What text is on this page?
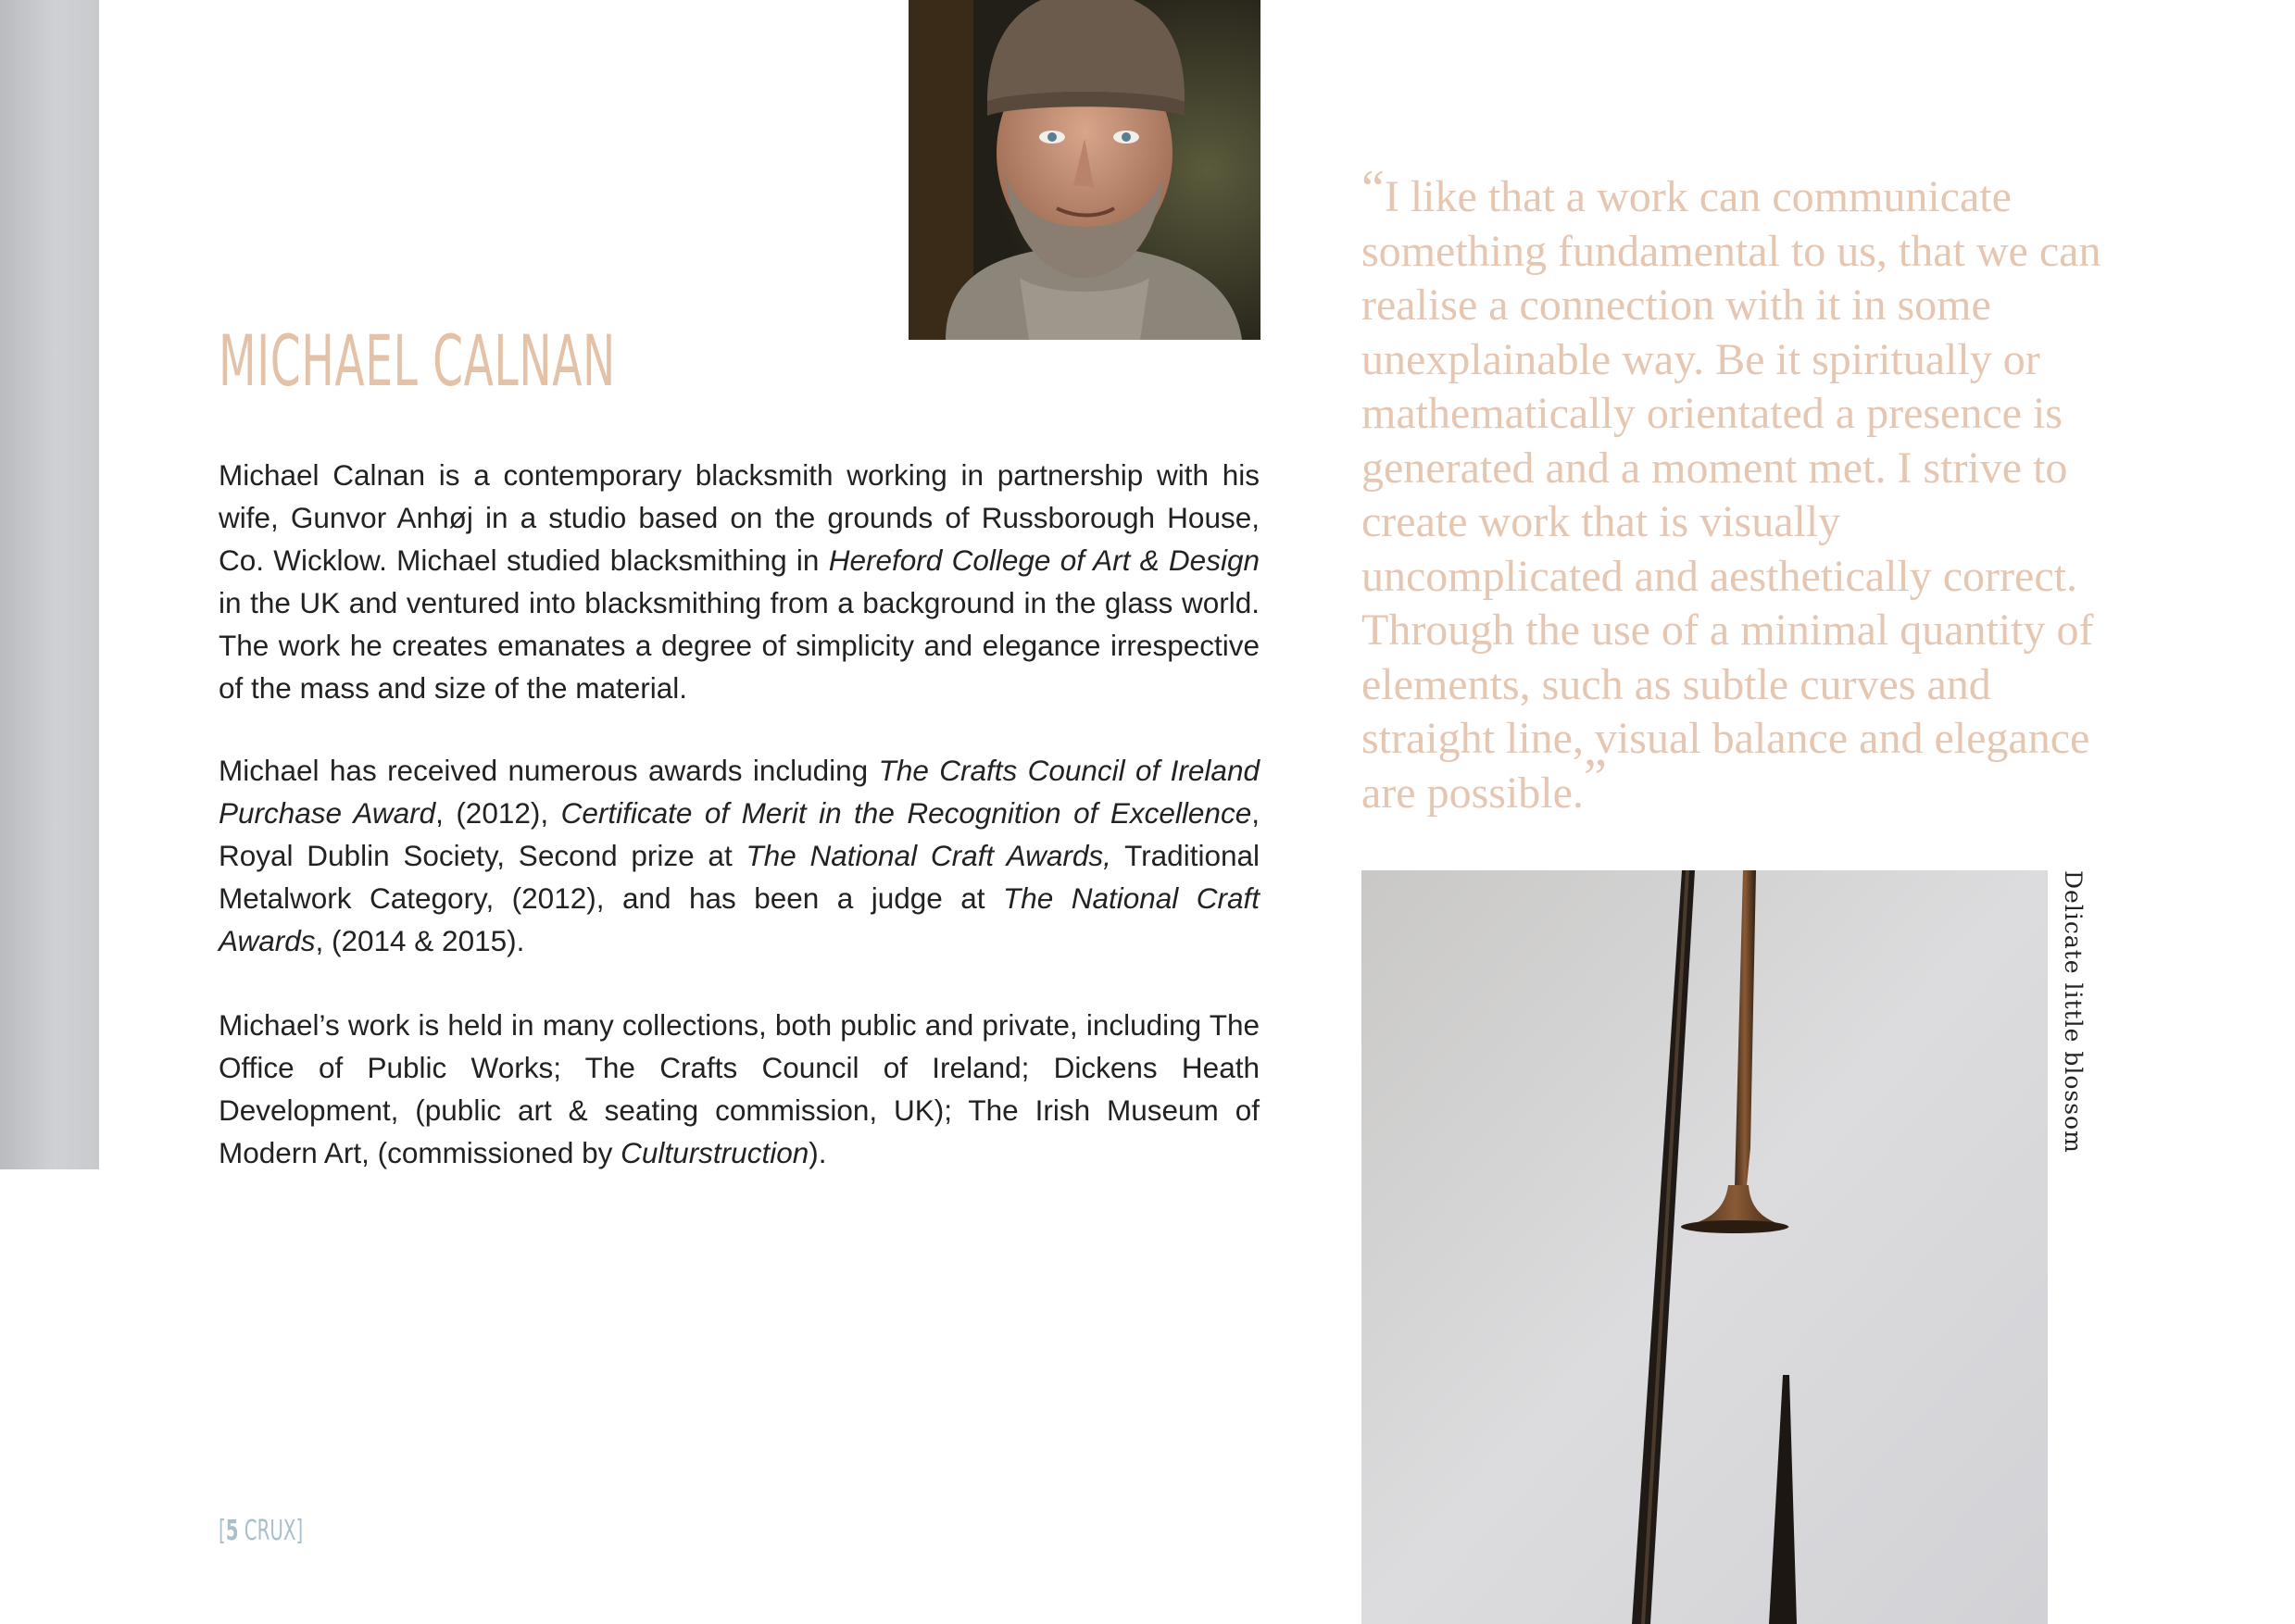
MICHAEL CALNAN

Michael Calnan is a contemporary blacksmith working in partnership with his wife, Gunvor Anhøj in a studio based on the grounds of Russborough House, Co. Wicklow. Michael studied blacksmithing in Hereford College of Art & Design in the UK and ventured into blacksmithing from a background in the glass world. The work he creates emanates a degree of simplicity and elegance irrespective of the mass and size of the material.

Michael has received numerous awards including The Crafts Council of Ireland Purchase Award, (2012), Certificate of Merit in the Recognition of Excellence, Royal Dublin Society, Second prize at The National Craft Awards, Traditional Metalwork Category, (2012), and has been a judge at The National Craft Awards, (2014 & 2015).

Michael’s work is held in many collections, both public and private, including The Office of Public Works; The Crafts Council of Ireland; Dickens Heath Development, (public art & seating commission, UK); The Irish Museum of Modern Art, (commissioned by Culturstruction).

“I like that a work can communicate something fundamental to us, that we can realise a connection with it in some unexplainable way. Be it spiritually or mathematically orientated a presence is generated and a moment met. I strive to create work that is visually uncomplicated and aesthetically correct. Through the use of a minimal quantity of elements, such as subtle curves and straight line, visual balance and elegance are possible.”

Delicate little blossom
[5 CRUX]
